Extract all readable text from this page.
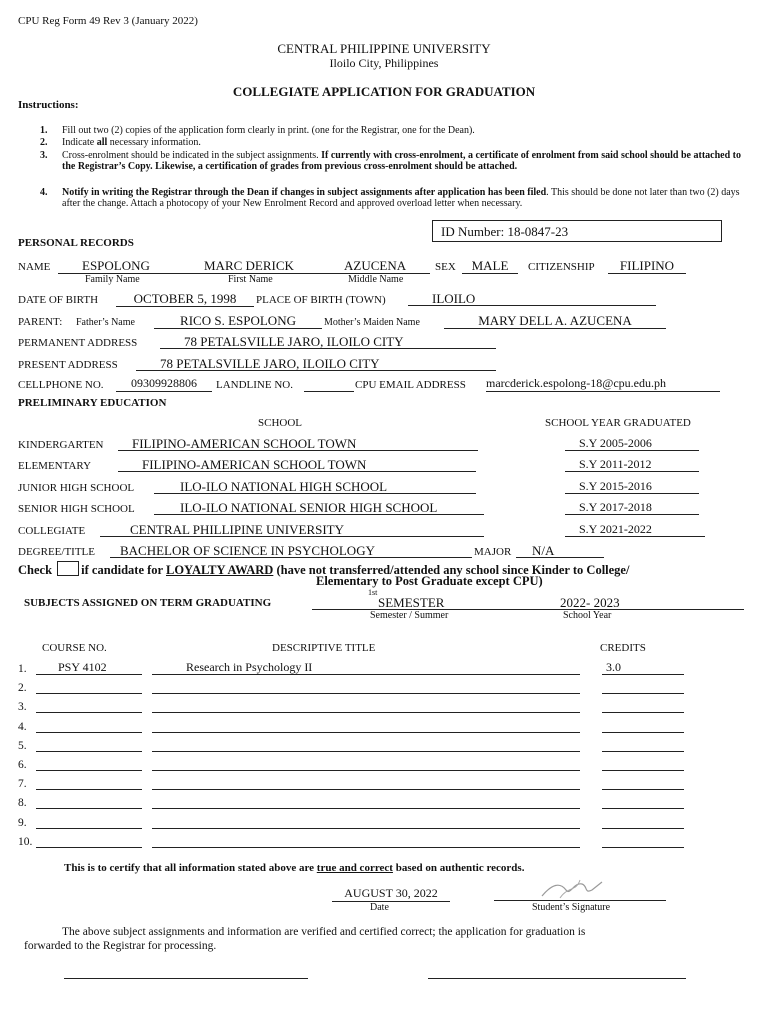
CPU Reg Form 49 Rev 3 (January 2022)
CENTRAL PHILIPPINE UNIVERSITY
Iloilo City, Philippines
COLLEGIATE APPLICATION FOR GRADUATION
Instructions:
1.	Fill out two (2) copies of the application form clearly in print. (one for the Registrar, one for the Dean).
2.	Indicate all necessary information.
3.	Cross-enrolment should be indicated in the subject assignments. If currently with cross-enrolment, a certificate of enrolment from said school should be attached to the Registrar’s Copy. Likewise, a certification of grades from previous cross-enrolment should be attached.
4.	Notify in writing the Registrar through the Dean if changes in subject assignments after application has been filed. This should be done not later than two (2) days after the change. Attach a photocopy of your New Enrolment Record and approved overload letter when necessary.
ID Number: 18-0847-23
PERSONAL RECORDS
NAME ESPOLONG	MARC DERICK	AZUCENA
Family Name	First Name	Middle Name
SEX	MALE	CITIZENSHIP	FILIPINO
DATE OF BIRTH	OCTOBER 5, 1998	PLACE OF BIRTH (TOWN)	ILOILO
PARENT: Father’s Name	RICO S. ESPOLONG	Mother’s Maiden Name	MARY DELL A. AZUCENA
PERMANENT ADDRESS	78 PETALSVILLE JARO, ILOILO CITY
PRESENT ADDRESS	78 PETALSVILLE JARO, ILOILO CITY
CELLPHONE NO.	09309928806	LANDLINE NO.	CPU EMAIL ADDRESS marcderick.espolong-18@cpu.edu.ph
PRELIMINARY EDUCATION
SCHOOL	SCHOOL YEAR GRADUATED
KINDERGARTEN	FILIPINO-AMERICAN SCHOOL TOWN	S.Y 2005-2006
ELEMENTARY	FILIPINO-AMERICAN SCHOOL TOWN	S.Y 2011-2012
JUNIOR HIGH SCHOOL	ILO-ILO NATIONAL HIGH SCHOOL	S.Y 2015-2016
SENIOR HIGH SCHOOL	ILO-ILO NATIONAL SENIOR HIGH SCHOOL	S.Y 2017-2018
COLLEGIATE	CENTRAL PHILLIPINE UNIVERSITY	S.Y 2021-2022
DEGREE/TITLE	BACHELOR OF SCIENCE IN PSYCHOLOGY	MAJOR	N/A
Check if candidate for LOYALTY AWARD (have not transferred/attended any school since Kinder to College/
Elementary to Post Graduate except CPU)
SUBJECTS ASSIGNED ON TERM GRADUATING
1st
SEMESTER	2022- 2023
Semester / Summer	School Year
COURSE NO.	DESCRIPTIVE TITLE	CREDITS
1.	PSY 4102	Research in Psychology II	3.0
2.
3.
4.
5.
6.
7.
8.
9.
10.
This is to certify that all information stated above are true and correct based on authentic records.
AUGUST 30, 2022
Date	Student’s Signature
The above subject assignments and information are verified and certified correct; the application for graduation is
forwarded to the Registrar for processing.
